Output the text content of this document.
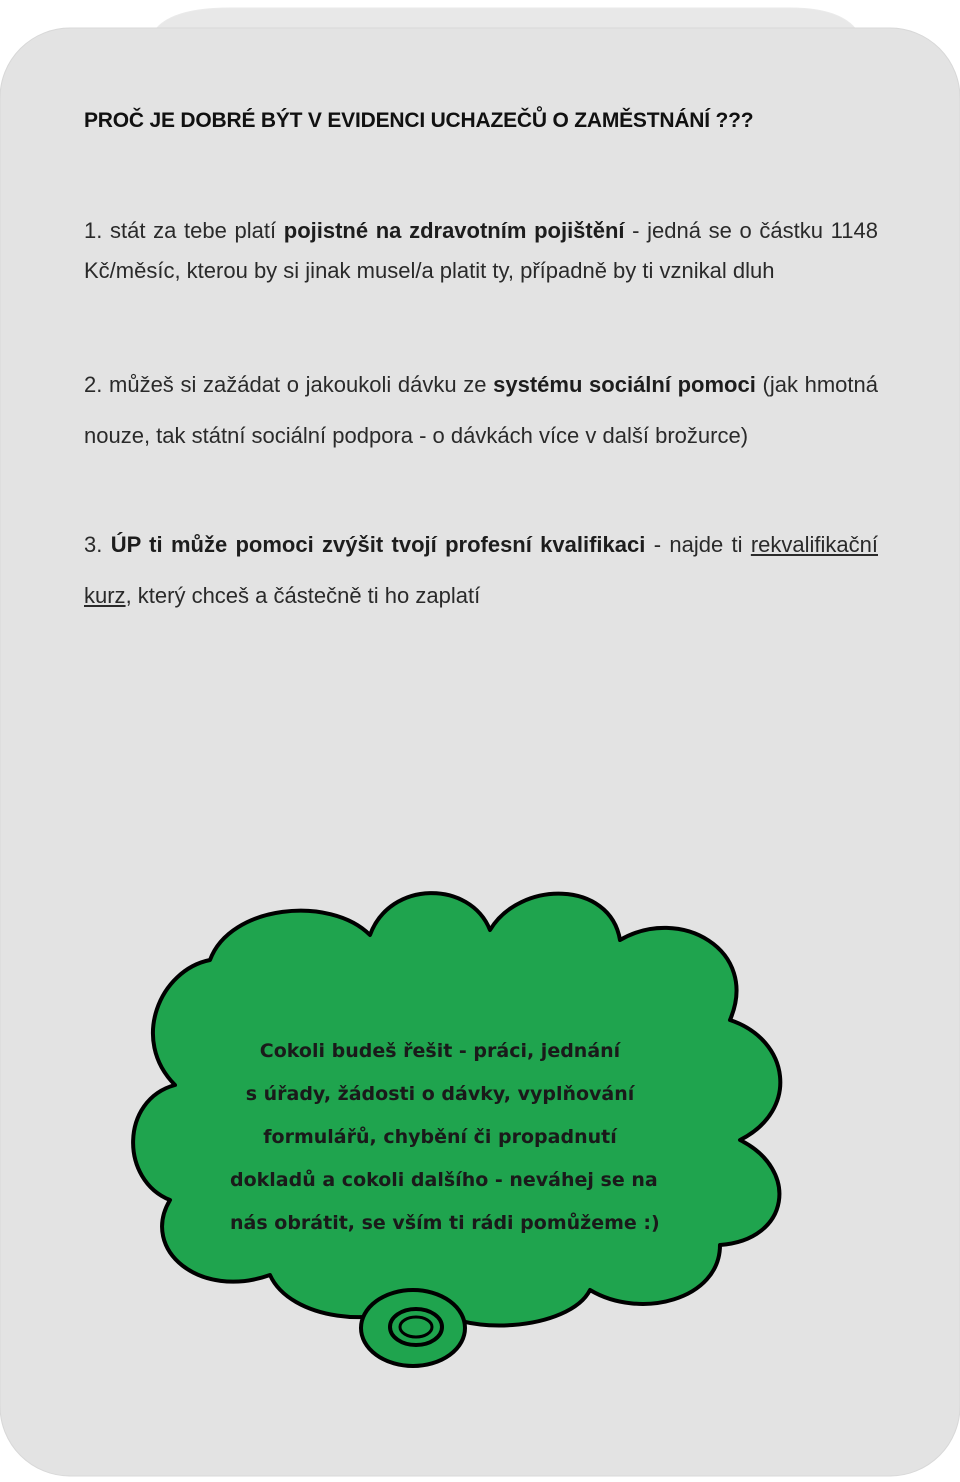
PROČ JE DOBRÉ BÝT V EVIDENCI UCHAZEČŮ O ZAMĚSTNÁNÍ ???

1. stát za tebe platí pojistné na zdravotním pojištění - jedná se o částku 1148 Kč/měsíc, kterou by si jinak musel/a platit ty, případně by ti vznikal dluh

2. můžeš si zažádat o jakoukoli dávku ze systému sociální pomoci (jak hmotná nouze, tak státní sociální podpora - o dávkách více v další brožurce)

3. ÚP ti může pomoci zvýšit tvojí profesní kvalifikaci - najde ti rekvalifikační kurz, který chceš a částečně ti ho zaplatí

Cokoli budeš řešit - práci, jednání
s úřady, žádosti o dávky, vyplňování
formulářů, chybění či propadnutí
dokladů a cokoli dalšího - neváhej se na
nás obrátit, se vším ti rádi pomůžeme :)
